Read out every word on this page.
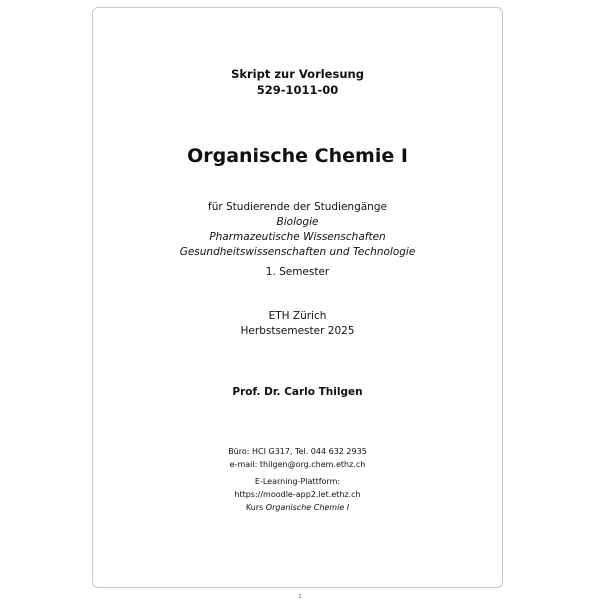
Skript zur Vorlesung
529-1011-00
Organische Chemie I
für Studierende der Studiengänge
Biologie
Pharmazeutische Wissenschaften
Gesundheitswissenschaften und Technologie
1. Semester
ETH Zürich
Herbstsemester 2025
Prof. Dr. Carlo Thilgen
Büro: HCI G317, Tel. 044 632 2935
e-mail: thilgen@org.chem.ethz.ch
E-Learning-Plattform:
https://moodle-app2.let.ethz.ch
Kurs Organische Chemie I
1
